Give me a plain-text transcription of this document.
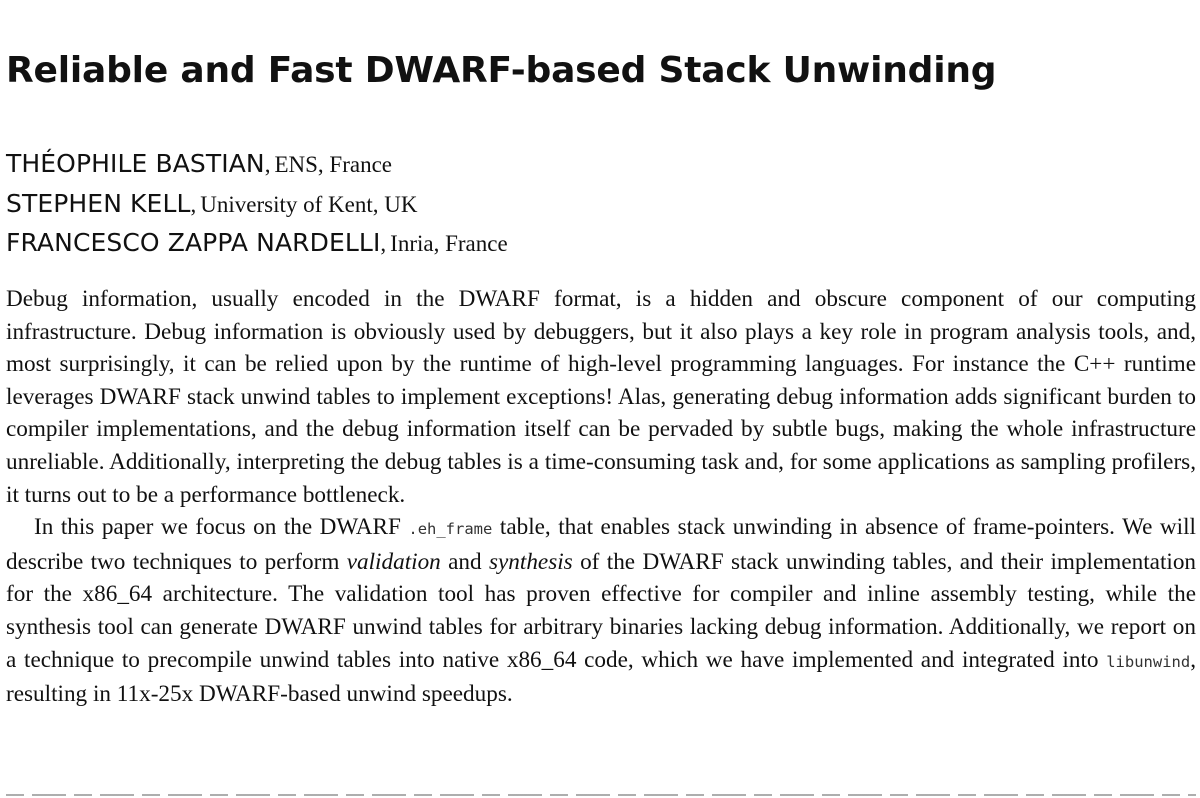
Reliable and Fast DWARF-based Stack Unwinding
THÉOPHILE BASTIAN, ENS, France
STEPHEN KELL, University of Kent, UK
FRANCESCO ZAPPA NARDELLI, Inria, France

Debug information, usually encoded in the DWARF format, is a hidden and obscure component of our computing infrastructure. Debug information is obviously used by debuggers, but it also plays a key role in program analysis tools, and, most surprisingly, it can be relied upon by the runtime of high-level programming languages. For instance the C++ runtime leverages DWARF stack unwind tables to implement exceptions! Alas, generating debug information adds significant burden to compiler implementations, and the debug information itself can be pervaded by subtle bugs, making the whole infrastructure unreliable. Additionally, interpreting the debug tables is a time-consuming task and, for some applications as sampling profilers, it turns out to be a performance bottleneck.

In this paper we focus on the DWARF .eh_frame table, that enables stack unwinding in absence of frame-pointers. We will describe two techniques to perform validation and synthesis of the DWARF stack unwinding tables, and their implementation for the x86_64 architecture. The validation tool has proven effective for compiler and inline assembly testing, while the synthesis tool can generate DWARF unwind tables for arbitrary binaries lacking debug information. Additionally, we report on a technique to precompile unwind tables into native x86_64 code, which we have implemented and integrated into libunwind, resulting in 11x-25x DWARF-based unwind speedups.
